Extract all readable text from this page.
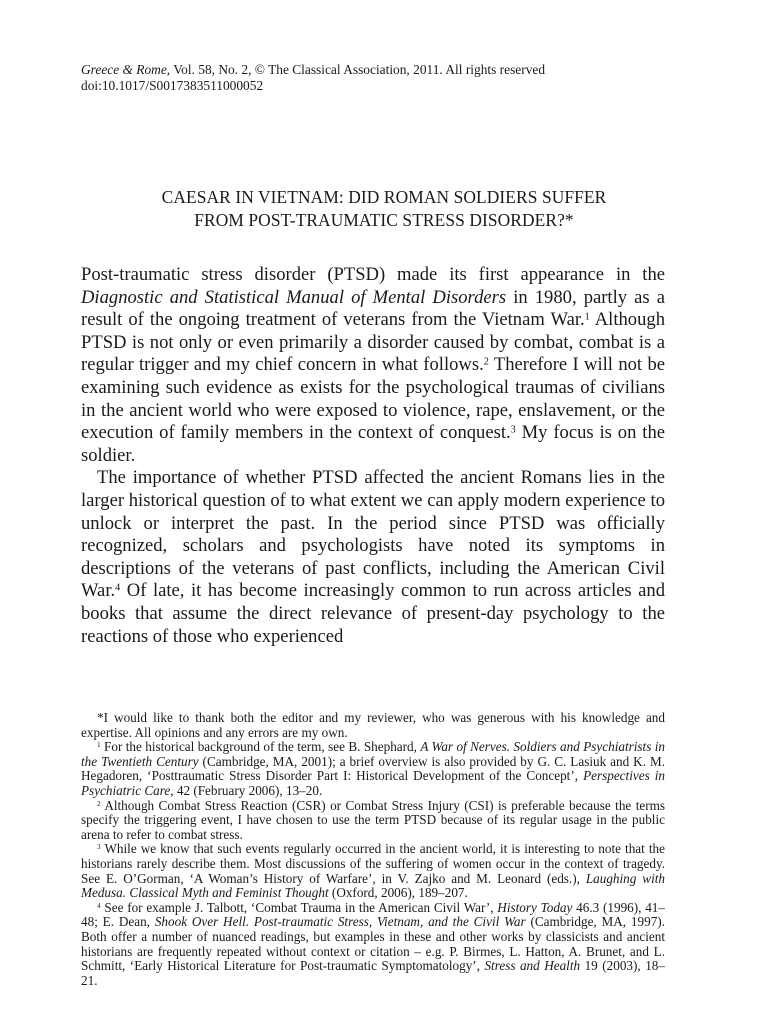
Greece & Rome, Vol. 58, No. 2, © The Classical Association, 2011. All rights reserved
doi:10.1017/S0017383511000052
CAESAR IN VIETNAM: DID ROMAN SOLDIERS SUFFER
FROM POST-TRAUMATIC STRESS DISORDER?*

Post-traumatic stress disorder (PTSD) made its first appearance in the Diagnostic and Statistical Manual of Mental Disorders in 1980, partly as a result of the ongoing treatment of veterans from the Vietnam War.$^1$ Although PTSD is not only or even primarily a disorder caused by combat, combat is a regular trigger and my chief concern in what follows.$^2$ Therefore I will not be examining such evidence as exists for the psychological traumas of civilians in the ancient world who were exposed to violence, rape, enslavement, or the execution of family members in the context of conquest.$^3$ My focus is on the soldier.

The importance of whether PTSD affected the ancient Romans lies in the larger historical question of to what extent we can apply modern experience to unlock or interpret the past. In the period since PTSD was officially recognized, scholars and psychologists have noted its symptoms in descriptions of the veterans of past conflicts, including the American Civil War.$^4$ Of late, it has become increasingly common to run across articles and books that assume the direct relevance of present-day psychology to the reactions of those who experienced

*I would like to thank both the editor and my reviewer, who was generous with his knowledge and expertise. All opinions and any errors are my own.

$^1$ For the historical background of the term, see B. Shephard, A War of Nerves. Soldiers and Psychiatrists in the Twentieth Century (Cambridge, MA, 2001); a brief overview is also provided by G. C. Lasiuk and K. M. Hegadoren, ‘Posttraumatic Stress Disorder Part I: Historical Development of the Concept’, Perspectives in Psychiatric Care, 42 (February 2006), 13–20.

$^2$ Although Combat Stress Reaction (CSR) or Combat Stress Injury (CSI) is preferable because the terms specify the triggering event, I have chosen to use the term PTSD because of its regular usage in the public arena to refer to combat stress.

$^3$ While we know that such events regularly occurred in the ancient world, it is interesting to note that the historians rarely describe them. Most discussions of the suffering of women occur in the context of tragedy. See E. O’Gorman, ‘A Woman’s History of Warfare’, in V. Zajko and M. Leonard (eds.), Laughing with Medusa. Classical Myth and Feminist Thought (Oxford, 2006), 189–207.

$^4$ See for example J. Talbott, ‘Combat Trauma in the American Civil War’, History Today 46.3 (1996), 41–48; E. Dean, Shook Over Hell. Post-traumatic Stress, Vietnam, and the Civil War (Cambridge, MA, 1997). Both offer a number of nuanced readings, but examples in these and other works by classicists and ancient historians are frequently repeated without context or citation – e.g. P. Birmes, L. Hatton, A. Brunet, and L. Schmitt, ‘Early Historical Literature for Post-traumatic Symptomatology’, Stress and Health 19 (2003), 18–21.
